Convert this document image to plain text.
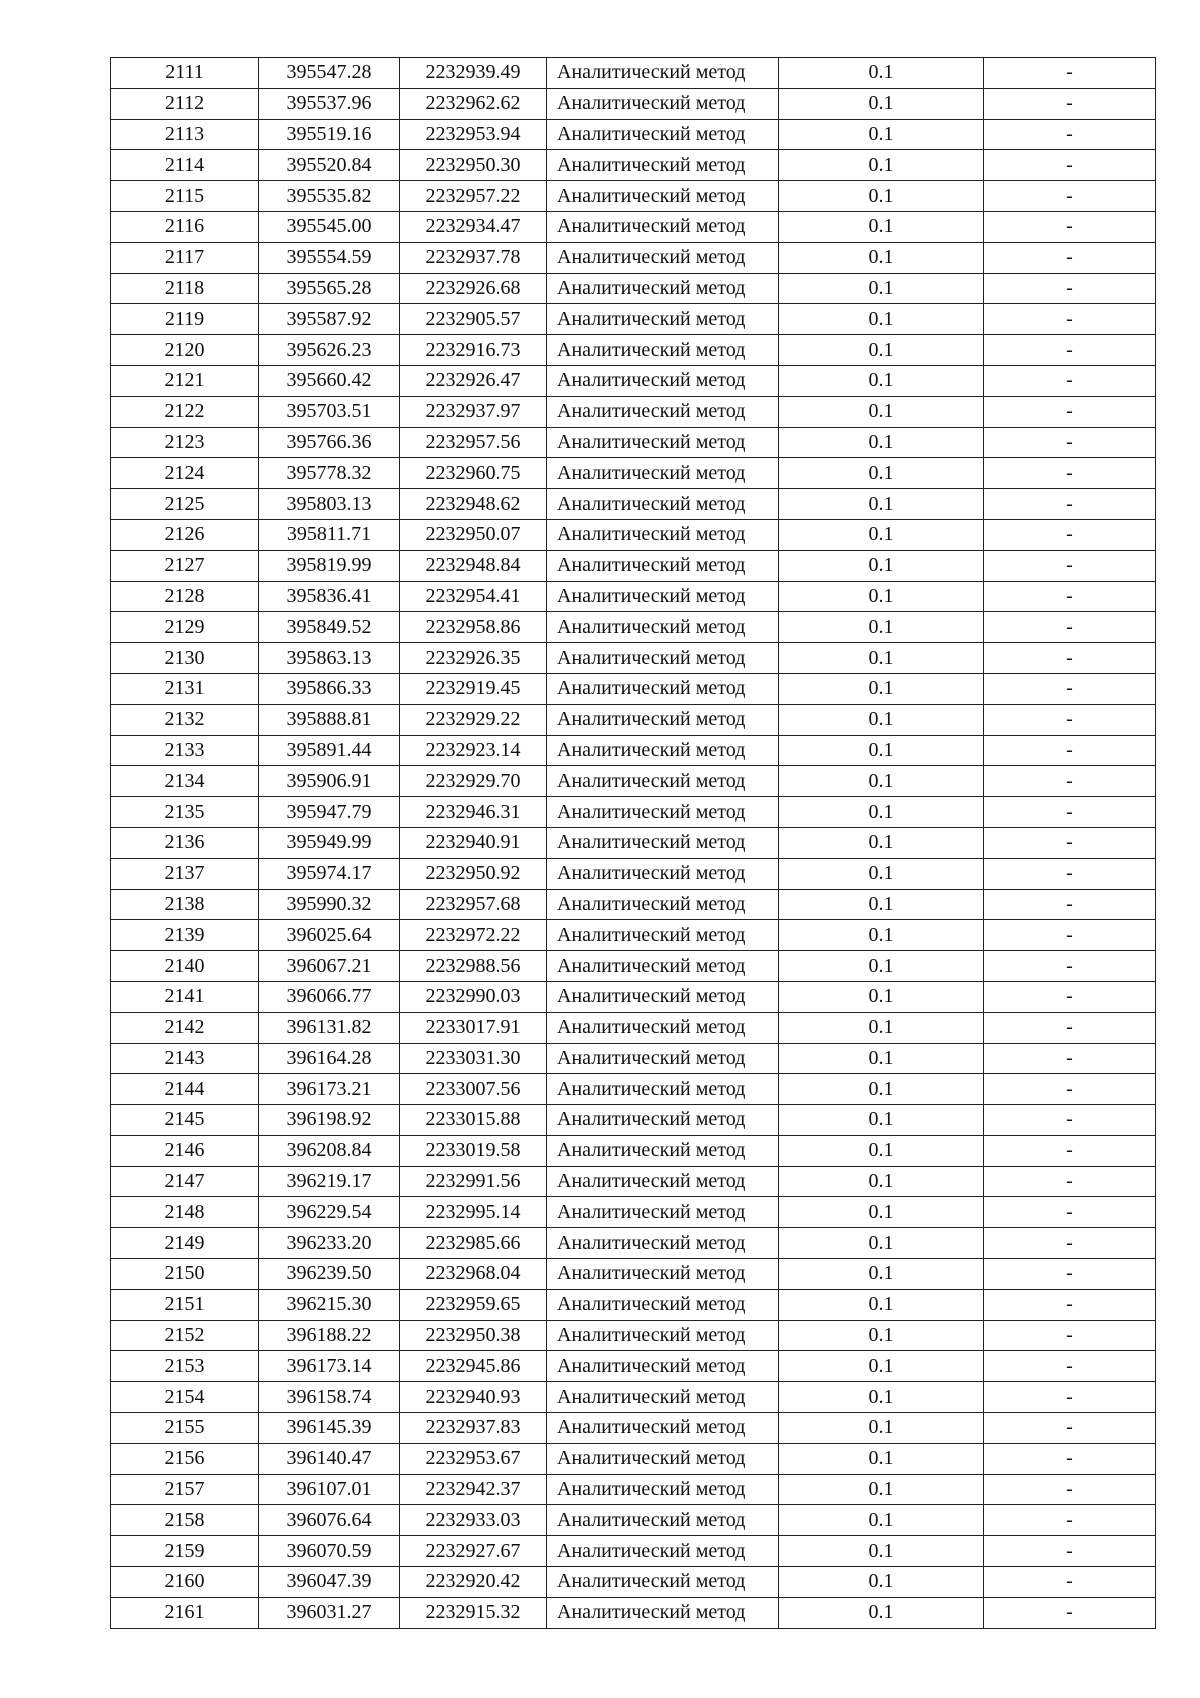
2111	395547.28	2232939.49	Аналитический метод	0.1	-
2112	395537.96	2232962.62	Аналитический метод	0.1	-
2113	395519.16	2232953.94	Аналитический метод	0.1	-
2114	395520.84	2232950.30	Аналитический метод	0.1	-
2115	395535.82	2232957.22	Аналитический метод	0.1	-
2116	395545.00	2232934.47	Аналитический метод	0.1	-
2117	395554.59	2232937.78	Аналитический метод	0.1	-
2118	395565.28	2232926.68	Аналитический метод	0.1	-
2119	395587.92	2232905.57	Аналитический метод	0.1	-
2120	395626.23	2232916.73	Аналитический метод	0.1	-
2121	395660.42	2232926.47	Аналитический метод	0.1	-
2122	395703.51	2232937.97	Аналитический метод	0.1	-
2123	395766.36	2232957.56	Аналитический метод	0.1	-
2124	395778.32	2232960.75	Аналитический метод	0.1	-
2125	395803.13	2232948.62	Аналитический метод	0.1	-
2126	395811.71	2232950.07	Аналитический метод	0.1	-
2127	395819.99	2232948.84	Аналитический метод	0.1	-
2128	395836.41	2232954.41	Аналитический метод	0.1	-
2129	395849.52	2232958.86	Аналитический метод	0.1	-
2130	395863.13	2232926.35	Аналитический метод	0.1	-
2131	395866.33	2232919.45	Аналитический метод	0.1	-
2132	395888.81	2232929.22	Аналитический метод	0.1	-
2133	395891.44	2232923.14	Аналитический метод	0.1	-
2134	395906.91	2232929.70	Аналитический метод	0.1	-
2135	395947.79	2232946.31	Аналитический метод	0.1	-
2136	395949.99	2232940.91	Аналитический метод	0.1	-
2137	395974.17	2232950.92	Аналитический метод	0.1	-
2138	395990.32	2232957.68	Аналитический метод	0.1	-
2139	396025.64	2232972.22	Аналитический метод	0.1	-
2140	396067.21	2232988.56	Аналитический метод	0.1	-
2141	396066.77	2232990.03	Аналитический метод	0.1	-
2142	396131.82	2233017.91	Аналитический метод	0.1	-
2143	396164.28	2233031.30	Аналитический метод	0.1	-
2144	396173.21	2233007.56	Аналитический метод	0.1	-
2145	396198.92	2233015.88	Аналитический метод	0.1	-
2146	396208.84	2233019.58	Аналитический метод	0.1	-
2147	396219.17	2232991.56	Аналитический метод	0.1	-
2148	396229.54	2232995.14	Аналитический метод	0.1	-
2149	396233.20	2232985.66	Аналитический метод	0.1	-
2150	396239.50	2232968.04	Аналитический метод	0.1	-
2151	396215.30	2232959.65	Аналитический метод	0.1	-
2152	396188.22	2232950.38	Аналитический метод	0.1	-
2153	396173.14	2232945.86	Аналитический метод	0.1	-
2154	396158.74	2232940.93	Аналитический метод	0.1	-
2155	396145.39	2232937.83	Аналитический метод	0.1	-
2156	396140.47	2232953.67	Аналитический метод	0.1	-
2157	396107.01	2232942.37	Аналитический метод	0.1	-
2158	396076.64	2232933.03	Аналитический метод	0.1	-
2159	396070.59	2232927.67	Аналитический метод	0.1	-
2160	396047.39	2232920.42	Аналитический метод	0.1	-
2161	396031.27	2232915.32	Аналитический метод	0.1	-
